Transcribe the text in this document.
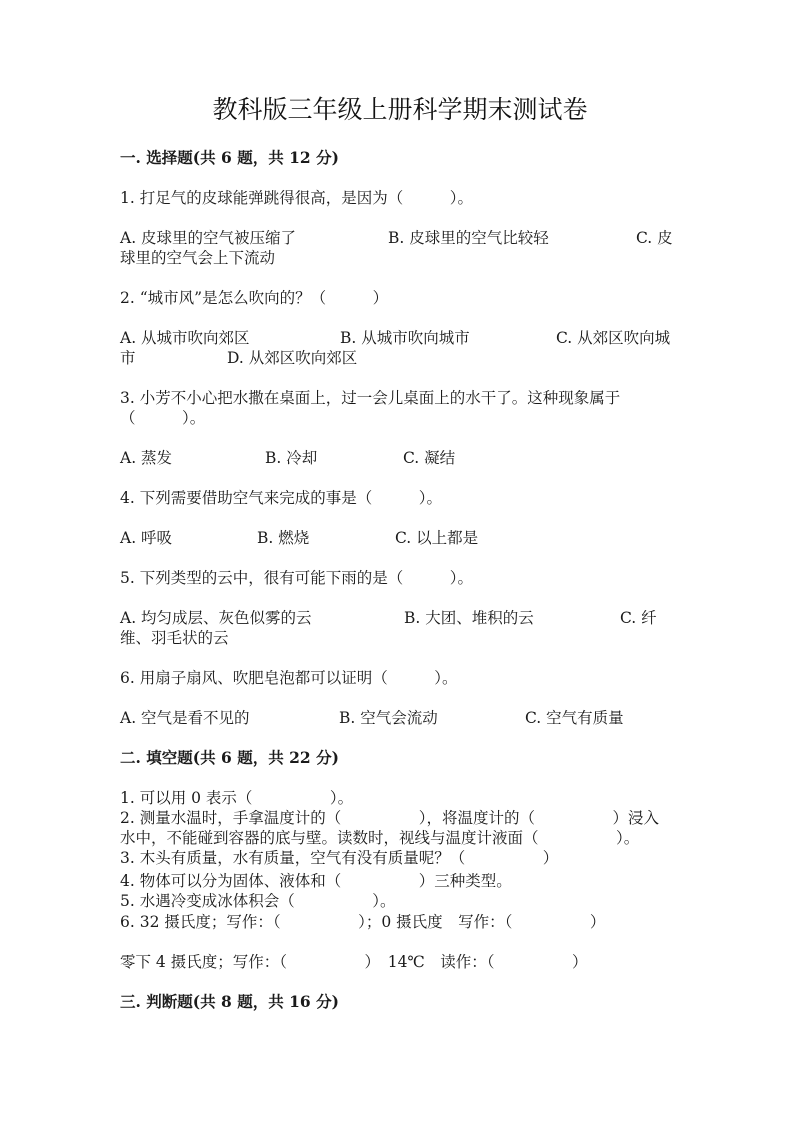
教科版三年级上册科学期末测试卷
一. 选择题(共 6 题，共 12 分)
1. 打足气的皮球能弹跳得很高，是因为（　　　）。
A. 皮球里的空气被压缩了	B. 皮球里的空气比较轻	C. 皮
球里的空气会上下流动
2. “城市风”是怎么吹向的？（　　　）
A. 从城市吹向郊区	B. 从城市吹向城市	C. 从郊区吹向城
市	D. 从郊区吹向郊区
3. 小芳不小心把水撒在桌面上，过一会儿桌面上的水干了。这种现象属于
（　　　）。
A. 蒸发	B. 冷却	C. 凝结
4. 下列需要借助空气来完成的事是（　　　）。
A. 呼吸	B. 燃烧	C. 以上都是
5. 下列类型的云中，很有可能下雨的是（　　　）。
A. 均匀成层、灰色似雾的云	B. 大团、堆积的云	C. 纤
维、羽毛状的云
6. 用扇子扇风、吹肥皂泡都可以证明（　　　）。
A. 空气是看不见的	B. 空气会流动	C. 空气有质量
二. 填空题(共 6 题，共 22 分)
1. 可以用 0 表示（　　　　　）。
2. 测量水温时，手拿温度计的（　　　　　），将温度计的（　　　　　）浸入
水中，不能碰到容器的底与壁。读数时，视线与温度计液面（　　　　　）。
3. 木头有质量，水有质量，空气有没有质量呢？（　　　　　）
4. 物体可以分为固体、液体和（　　　　　）三种类型。
5. 水遇冷变成冰体积会（　　　　　）。
6. 32 摄氏度；写作：（　　　　　）；0 摄氏度　写作：（　　　　　）
零下 4 摄氏度；写作：（　　　　　）　14℃　读作：（　　　　　）
三. 判断题(共 8 题，共 16 分)
